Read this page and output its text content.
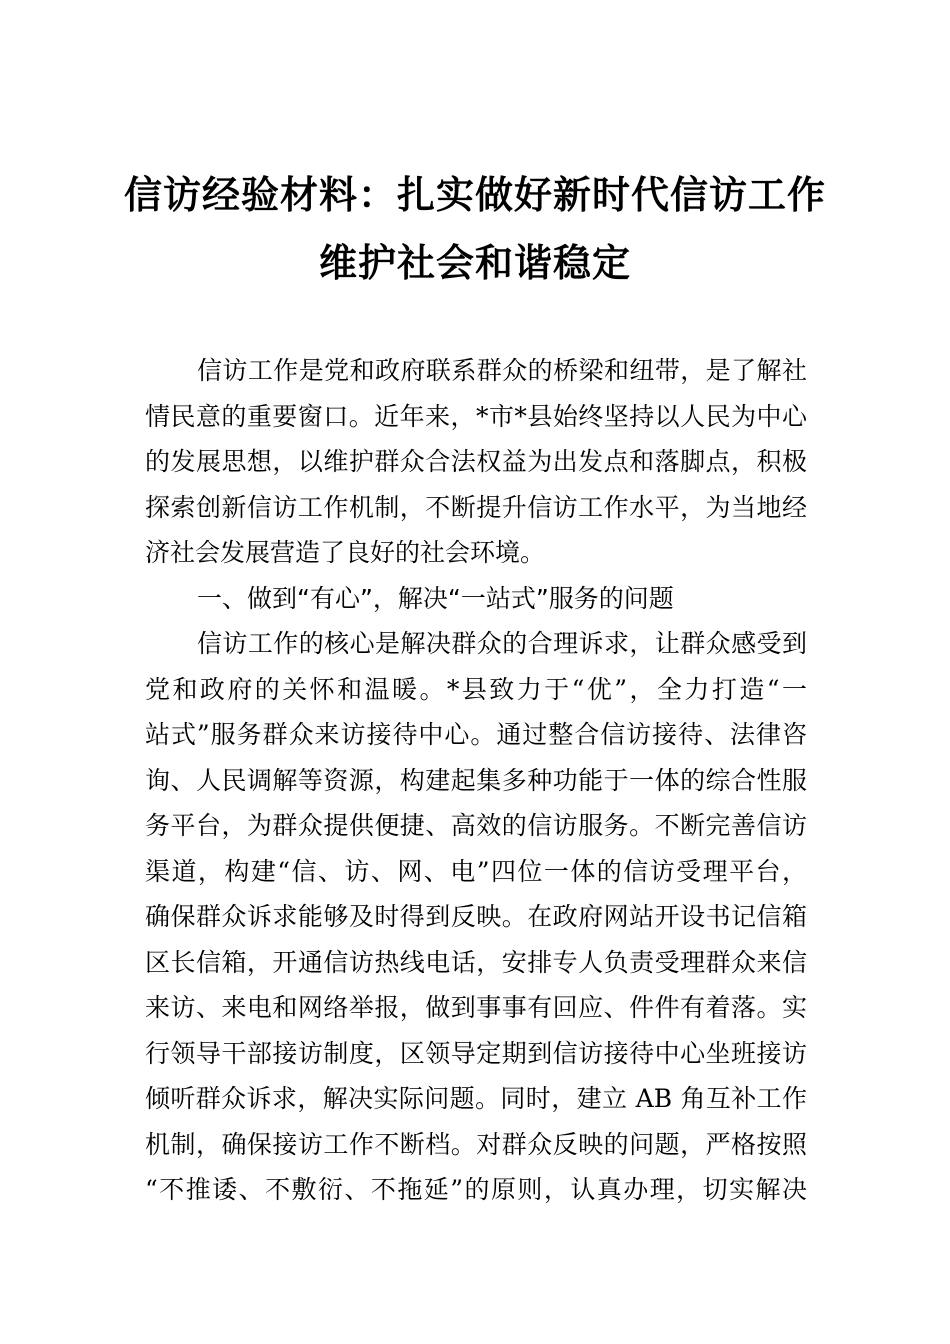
信访经验材料：扎实做好新时代信访工作
维护社会和谐稳定
信访工作是党和政府联系群众的桥梁和纽带，是了解社
情民意的重要窗口。近年来，*市*县始终坚持以人民为中心
的发展思想，以维护群众合法权益为出发点和落脚点，积极
探索创新信访工作机制，不断提升信访工作水平，为当地经
济社会发展营造了良好的社会环境。
一、做到“有心”，解决“一站式”服务的问题
信访工作的核心是解决群众的合理诉求，让群众感受到
党和政府的关怀和温暖。*县致力于“优”，全力打造“一
站式”服务群众来访接待中心。通过整合信访接待、法律咨
询、人民调解等资源，构建起集多种功能于一体的综合性服
务平台，为群众提供便捷、高效的信访服务。不断完善信访
渠道，构建“信、访、网、电”四位一体的信访受理平台，
确保群众诉求能够及时得到反映。在政府网站开设书记信箱
区长信箱，开通信访热线电话，安排专人负责受理群众来信
来访、来电和网络举报，做到事事有回应、件件有着落。实
行领导干部接访制度，区领导定期到信访接待中心坐班接访
倾听群众诉求，解决实际问题。同时，建立 AB 角互补工作
机制，确保接访工作不断档。对群众反映的问题，严格按照
“不推诿、不敷衍、不拖延”的原则，认真办理，切实解决
